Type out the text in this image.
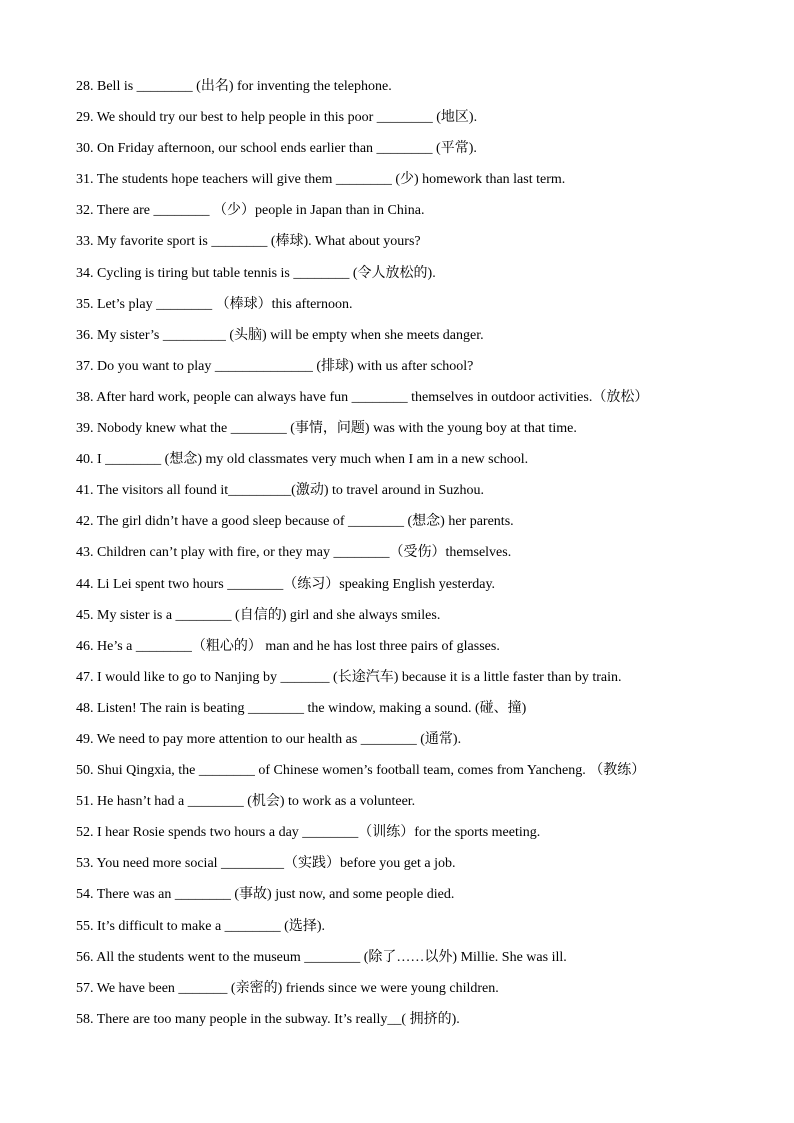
28. Bell is ________ (出名) for inventing the telephone.
29. We should try our best to help people in this poor ________ (地区).
30. On Friday afternoon, our school ends earlier than ________ (平常).
31. The students hope teachers will give them ________ (少) homework than last term.
32. There are ________ （少）people in Japan than in China.
33. My favorite sport is ________ (棒球). What about yours?
34. Cycling is tiring but table tennis is ________ (令人放松的).
35. Let’s play ________ （棒球）this afternoon.
36. My sister’s _________ (头脑) will be empty when she meets danger.
37. Do you want to play ______________ (排球) with us after school?
38. After hard work, people can always have fun ________ themselves in outdoor activities.（放松）
39. Nobody knew what the ________ (事情，问题) was with the young boy at that time.
40. I ________ (想念) my old classmates very much when I am in a new school.
41. The visitors all found it_________(激动) to travel around in Suzhou.
42. The girl didn’t have a good sleep because of ________ (想念) her parents.
43. Children can’t play with fire, or they may ________（受伤）themselves.
44. Li Lei spent two hours ________（练习）speaking English yesterday.
45. My sister is a ________ (自信的) girl and she always smiles.
46. He’s a ________（粗心的） man and he has lost three pairs of glasses.
47. I would like to go to Nanjing by _______ (长途汽车) because it is a little faster than by train.
48. Listen! The rain is beating ________ the window, making a sound. (碰、撞)
49. We need to pay more attention to our health as ________ (通常).
50. Shui Qingxia, the ________ of Chinese women’s football team, comes from Yancheng. （教练）
51. He hasn’t had a ________ (机会) to work as a volunteer.
52. I hear Rosie spends two hours a day ________（训练）for the sports meeting.
53. You need more social _________（实践）before you get a job.
54. There was an ________ (事故) just now, and some people died.
55. It’s difficult to make a ________ (选择).
56. All the students went to the museum ________ (除了……以外) Millie. She was ill.
57. We have been _______ (亲密的) friends since we were young children.
58. There are too many people in the subway. It’s really__( 拥挤的).
